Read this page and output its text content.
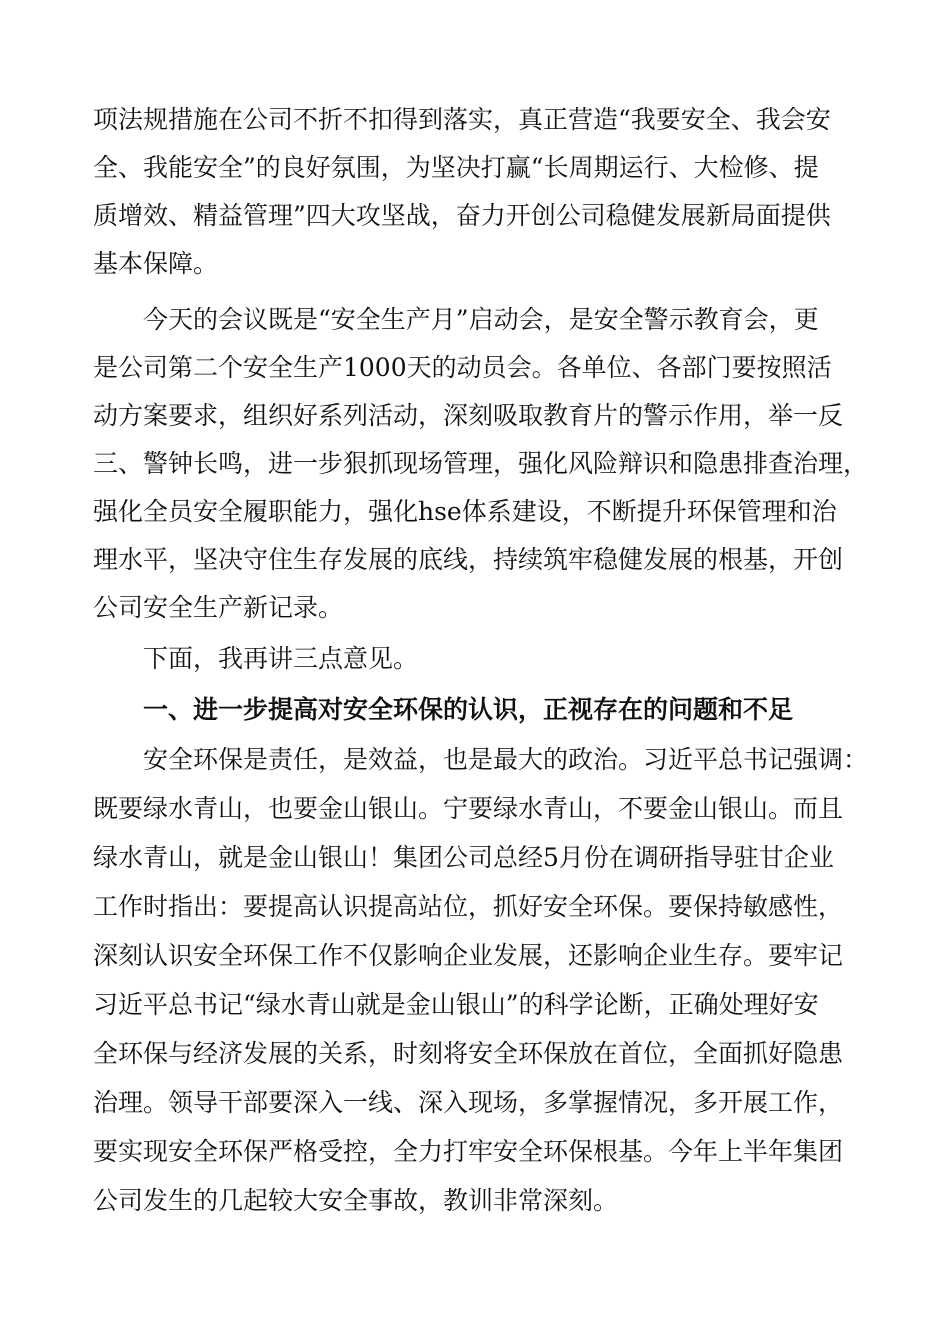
项法规措施在公司不折不扣得到落实，真正营造“我要安全、我会安
全、我能安全”的良好氛围，为坚决打赢“长周期运行、大检修、提
质增效、精益管理”四大攻坚战，奋力开创公司稳健发展新局面提供
基本保障。
今天的会议既是“安全生产月”启动会，是安全警示教育会，更
是公司第二个安全生产1000天的动员会。各单位、各部门要按照活
动方案要求，组织好系列活动，深刻吸取教育片的警示作用，举一反
三、警钟长鸣，进一步狠抓现场管理，强化风险辩识和隐患排查治理，
强化全员安全履职能力，强化hse体系建设，不断提升环保管理和治
理水平，坚决守住生存发展的底线，持续筑牢稳健发展的根基，开创
公司安全生产新记录。
下面，我再讲三点意见。
一、进一步提高对安全环保的认识，正视存在的问题和不足
安全环保是责任，是效益，也是最大的政治。习近平总书记强调：
既要绿水青山，也要金山银山。宁要绿水青山，不要金山银山。而且
绿水青山，就是金山银山！集团公司总经5月份在调研指导驻甘企业
工作时指出：要提高认识提高站位，抓好安全环保。要保持敏感性，
深刻认识安全环保工作不仅影响企业发展，还影响企业生存。要牢记
习近平总书记“绿水青山就是金山银山”的科学论断，正确处理好安
全环保与经济发展的关系，时刻将安全环保放在首位，全面抓好隐患
治理。领导干部要深入一线、深入现场，多掌握情况，多开展工作，
要实现安全环保严格受控，全力打牢安全环保根基。今年上半年集团
公司发生的几起较大安全事故，教训非常深刻。
